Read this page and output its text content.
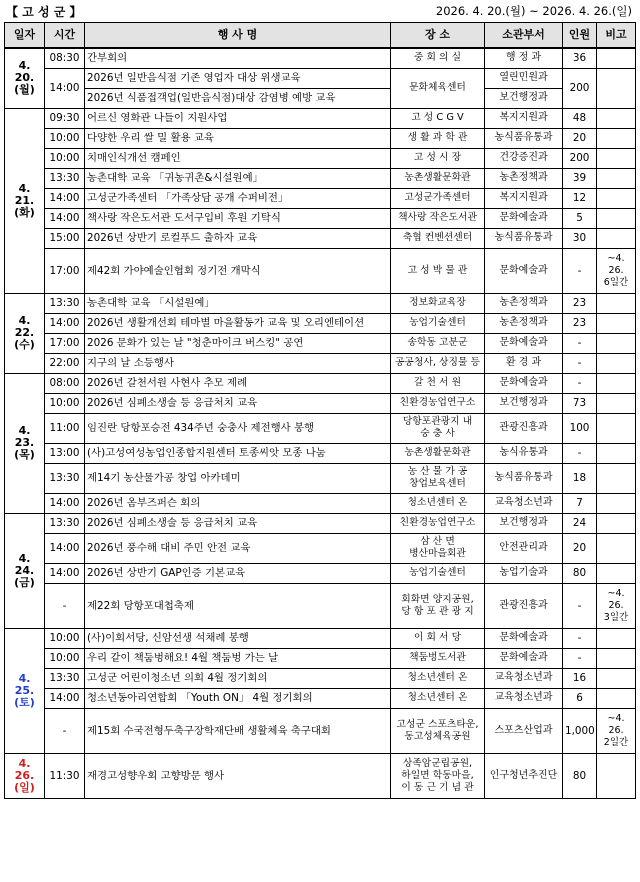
【 고 성 군 】	2026. 4. 20.(월) ~ 2026. 4. 26.(일)
일자	시간	행 사 명	장 소	소관부서	인원	비고
4. 20.
(월)	08:30	간부회의	중 회 의 실	행 정 과	36	
	14:00	2026년 일반음식점 기존 영업자 대상 위생교육	문화체육센터	열린민원과	200	
		2026년 식품접객업(일반음식점)대상 감염병 예방 교육		보건행정과		
4. 21.
(화)	09:30	어르신 영화관 나들이 지원사업	고 성 C G V	복지지원과	48	
	10:00	다양한 우리 쌀 밀 활용 교육	생 활 과 학 관	농식품유통과	20	
	10:00	치매인식개선 캠페인	고 성 시 장	건강증진과	200	
	13:30	농촌대학 교육 「귀농귀촌&시설원예」	농촌생활문화관	농촌정책과	39	
	14:00	고성군가족센터 「가족상담 공개 수퍼비전」	고성군가족센터	복지지원과	12	
	14:00	책사랑 작은도서관 도서구입비 후원 기탁식	책사랑 작은도서관	문화예술과	5	
	15:00	2026년 상반기 로컬푸드 출하자 교육	축협 컨벤션센터	농식품유통과	30	
	17:00	제42회 가야예술인협회 정기전 개막식	고 성 박 물 관	문화예술과	-	~4. 26.
6일간
4. 22.
(수)	13:30	농촌대학 교육 「시설원예」	정보화교육장	농촌정책과	23	
	14:00	2026년 생활개선회 테마별 마을활동가 교육 및 오리엔테이션	농업기술센터	농촌정책과	23	
	17:00	2026 문화가 있는 날 "청춘마이크 버스킹" 공연	송학동 고분군	문화예술과	-	
	22:00	지구의 날 소등행사	공공청사, 상징물 등	환 경 과	-	
4. 23.
(목)	08:00	2026년 갈천서원 사현사 추모 제례	갈 천 서 원	문화예술과	-	
	10:00	2026년 심폐소생술 등 응급처치 교육	친환경농업연구소	보건행정과	73	
	11:00	임진란 당항포승전 434주년 숭충사 제전행사 봉행	당항포관광지 내
숭 충 사	관광진흥과	100	
	13:00	(사)고성여성농업인종합지원센터 토종씨앗 모종 나눔	농촌생활문화관	농식유통과	-	
	13:30	제14기 농산물가공 창업 아카데미	농 산 물 가 공
창업보육센터	농식품유통과	18	
	14:00	2026년 옴부즈퍼슨 회의	청소년센터 온	교육청소년과	7	
4. 24.
(금)	13:30	2026년 심폐소생술 등 응급처치 교육	친환경농업연구소	보건행정과	24	
	14:00	2026년 풍수해 대비 주민 안전 교육	삼 산 면
병산마을회관	안전관리과	20	
	14:00	2026년 상반기 GAP인증 기본교육	농업기술센터	농업기술과	80	
	-	제22회 당항포대첩축제	회화면 양지공원,
당 항 포 관 광 지	관광진흥과	-	~4. 26.
3일간
4. 25.
(토)	10:00	(사)이회서당, 신암선생 석채례 봉행	이 회 서 당	문화예술과	-	
	10:00	우리 같이 책둠벙해요! 4월 책둠벙 가는 날	책둠벙도서관	문화예술과	-	
	13:30	고성군 어린이청소년 의회 4월 정기회의	청소년센터 온	교육청소년과	16	
	14:00	청소년동아리연합회 「Youth ON」 4월 정기회의	청소년센터 온	교육청소년과	6	
	-	제15회 수국전형두축구장학재단배 생활체육 축구대회	고성군 스포츠타운,
동고성체육공원	스포츠산업과	1,000	~4. 26.
2일간
4. 26.
(일)	11:30	재경고성향우회 고향방문 행사	상족암군립공원,
하일면 학동마을,
이 동 근 기 념 관	인구청년추진단	80	
